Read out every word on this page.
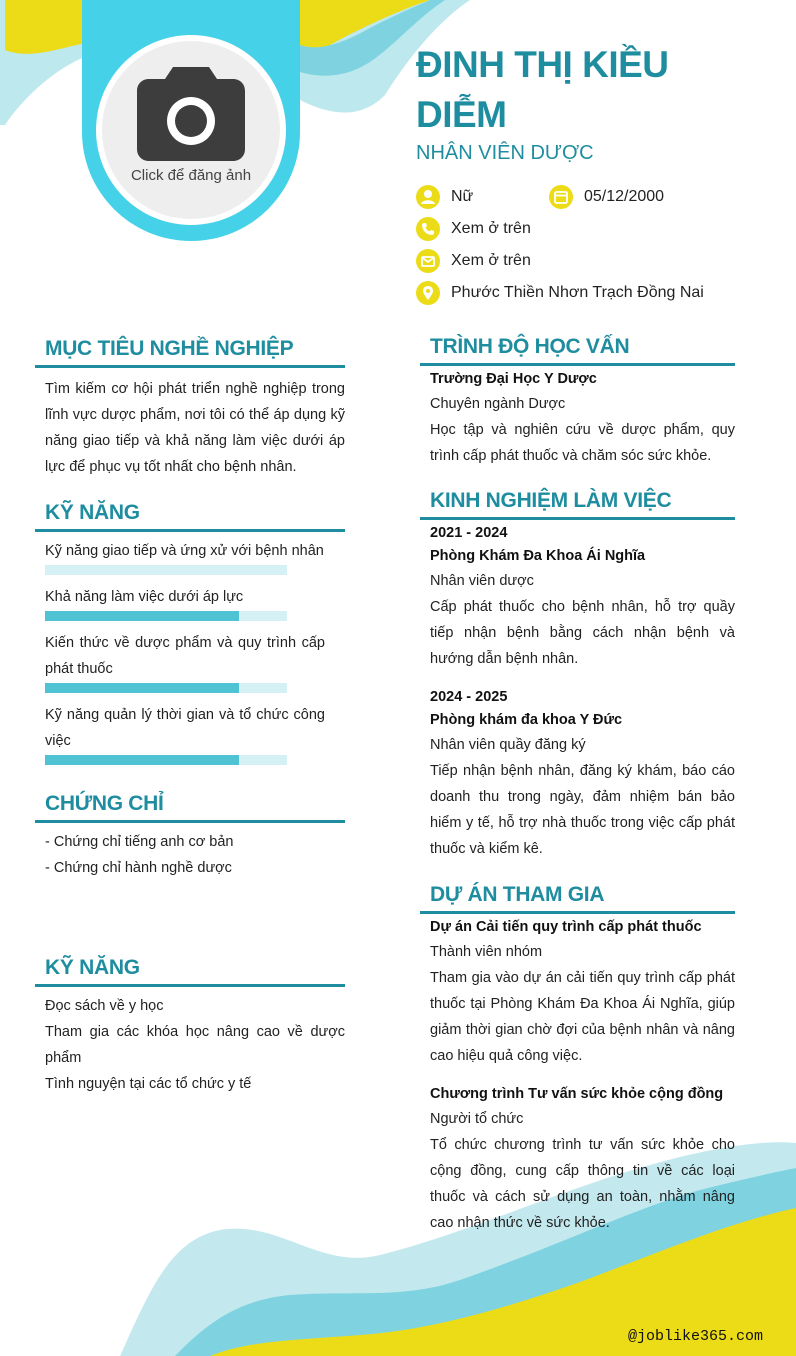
Click để đăng ảnh
ĐINH THỊ KIỀU DIỄM
NHÂN VIÊN DƯỢC
Nữ	05/12/2000
Xem ở trên
Xem ở trên
Phước Thiền Nhơn Trạch Đồng Nai
MỤC TIÊU NGHỀ NGHIỆP
Tìm kiếm cơ hội phát triển nghề nghiệp trong lĩnh vực dược phẩm, nơi tôi có thể áp dụng kỹ năng giao tiếp và khả năng làm việc dưới áp lực để phục vụ tốt nhất cho bệnh nhân.
KỸ NĂNG
Kỹ năng giao tiếp và ứng xử với bệnh nhân
Khả năng làm việc dưới áp lực
Kiến thức về dược phẩm và quy trình cấp phát thuốc
Kỹ năng quản lý thời gian và tổ chức công việc
CHỨNG CHỈ
- Chứng chỉ tiếng anh cơ bản
- Chứng chỉ hành nghề dược
KỸ NĂNG
Đọc sách về y học
Tham gia các khóa học nâng cao về dược phẩm
Tình nguyện tại các tổ chức y tế
TRÌNH ĐỘ HỌC VẤN
Trường Đại Học Y Dược
Chuyên ngành Dược
Học tập và nghiên cứu về dược phẩm, quy trình cấp phát thuốc và chăm sóc sức khỏe.
KINH NGHIỆM LÀM VIỆC
2021 - 2024
Phòng Khám Đa Khoa Ái Nghĩa
Nhân viên dược
Cấp phát thuốc cho bệnh nhân, hỗ trợ quầy tiếp nhận bệnh bằng cách nhận bệnh và hướng dẫn bệnh nhân.
2024 - 2025
Phòng khám đa khoa Y Đức
Nhân viên quầy đăng ký
Tiếp nhận bệnh nhân, đăng ký khám, báo cáo doanh thu trong ngày, đảm nhiệm bán bảo hiểm y tế, hỗ trợ nhà thuốc trong việc cấp phát thuốc và kiểm kê.
DỰ ÁN THAM GIA
Dự án Cải tiến quy trình cấp phát thuốc
Thành viên nhóm
Tham gia vào dự án cải tiến quy trình cấp phát thuốc tại Phòng Khám Đa Khoa Ái Nghĩa, giúp giảm thời gian chờ đợi của bệnh nhân và nâng cao hiệu quả công việc.
Chương trình Tư vấn sức khỏe cộng đồng
Người tổ chức
Tổ chức chương trình tư vấn sức khỏe cho cộng đồng, cung cấp thông tin về các loại thuốc và cách sử dụng an toàn, nhằm nâng cao nhận thức về sức khỏe.
@joblike365.com
